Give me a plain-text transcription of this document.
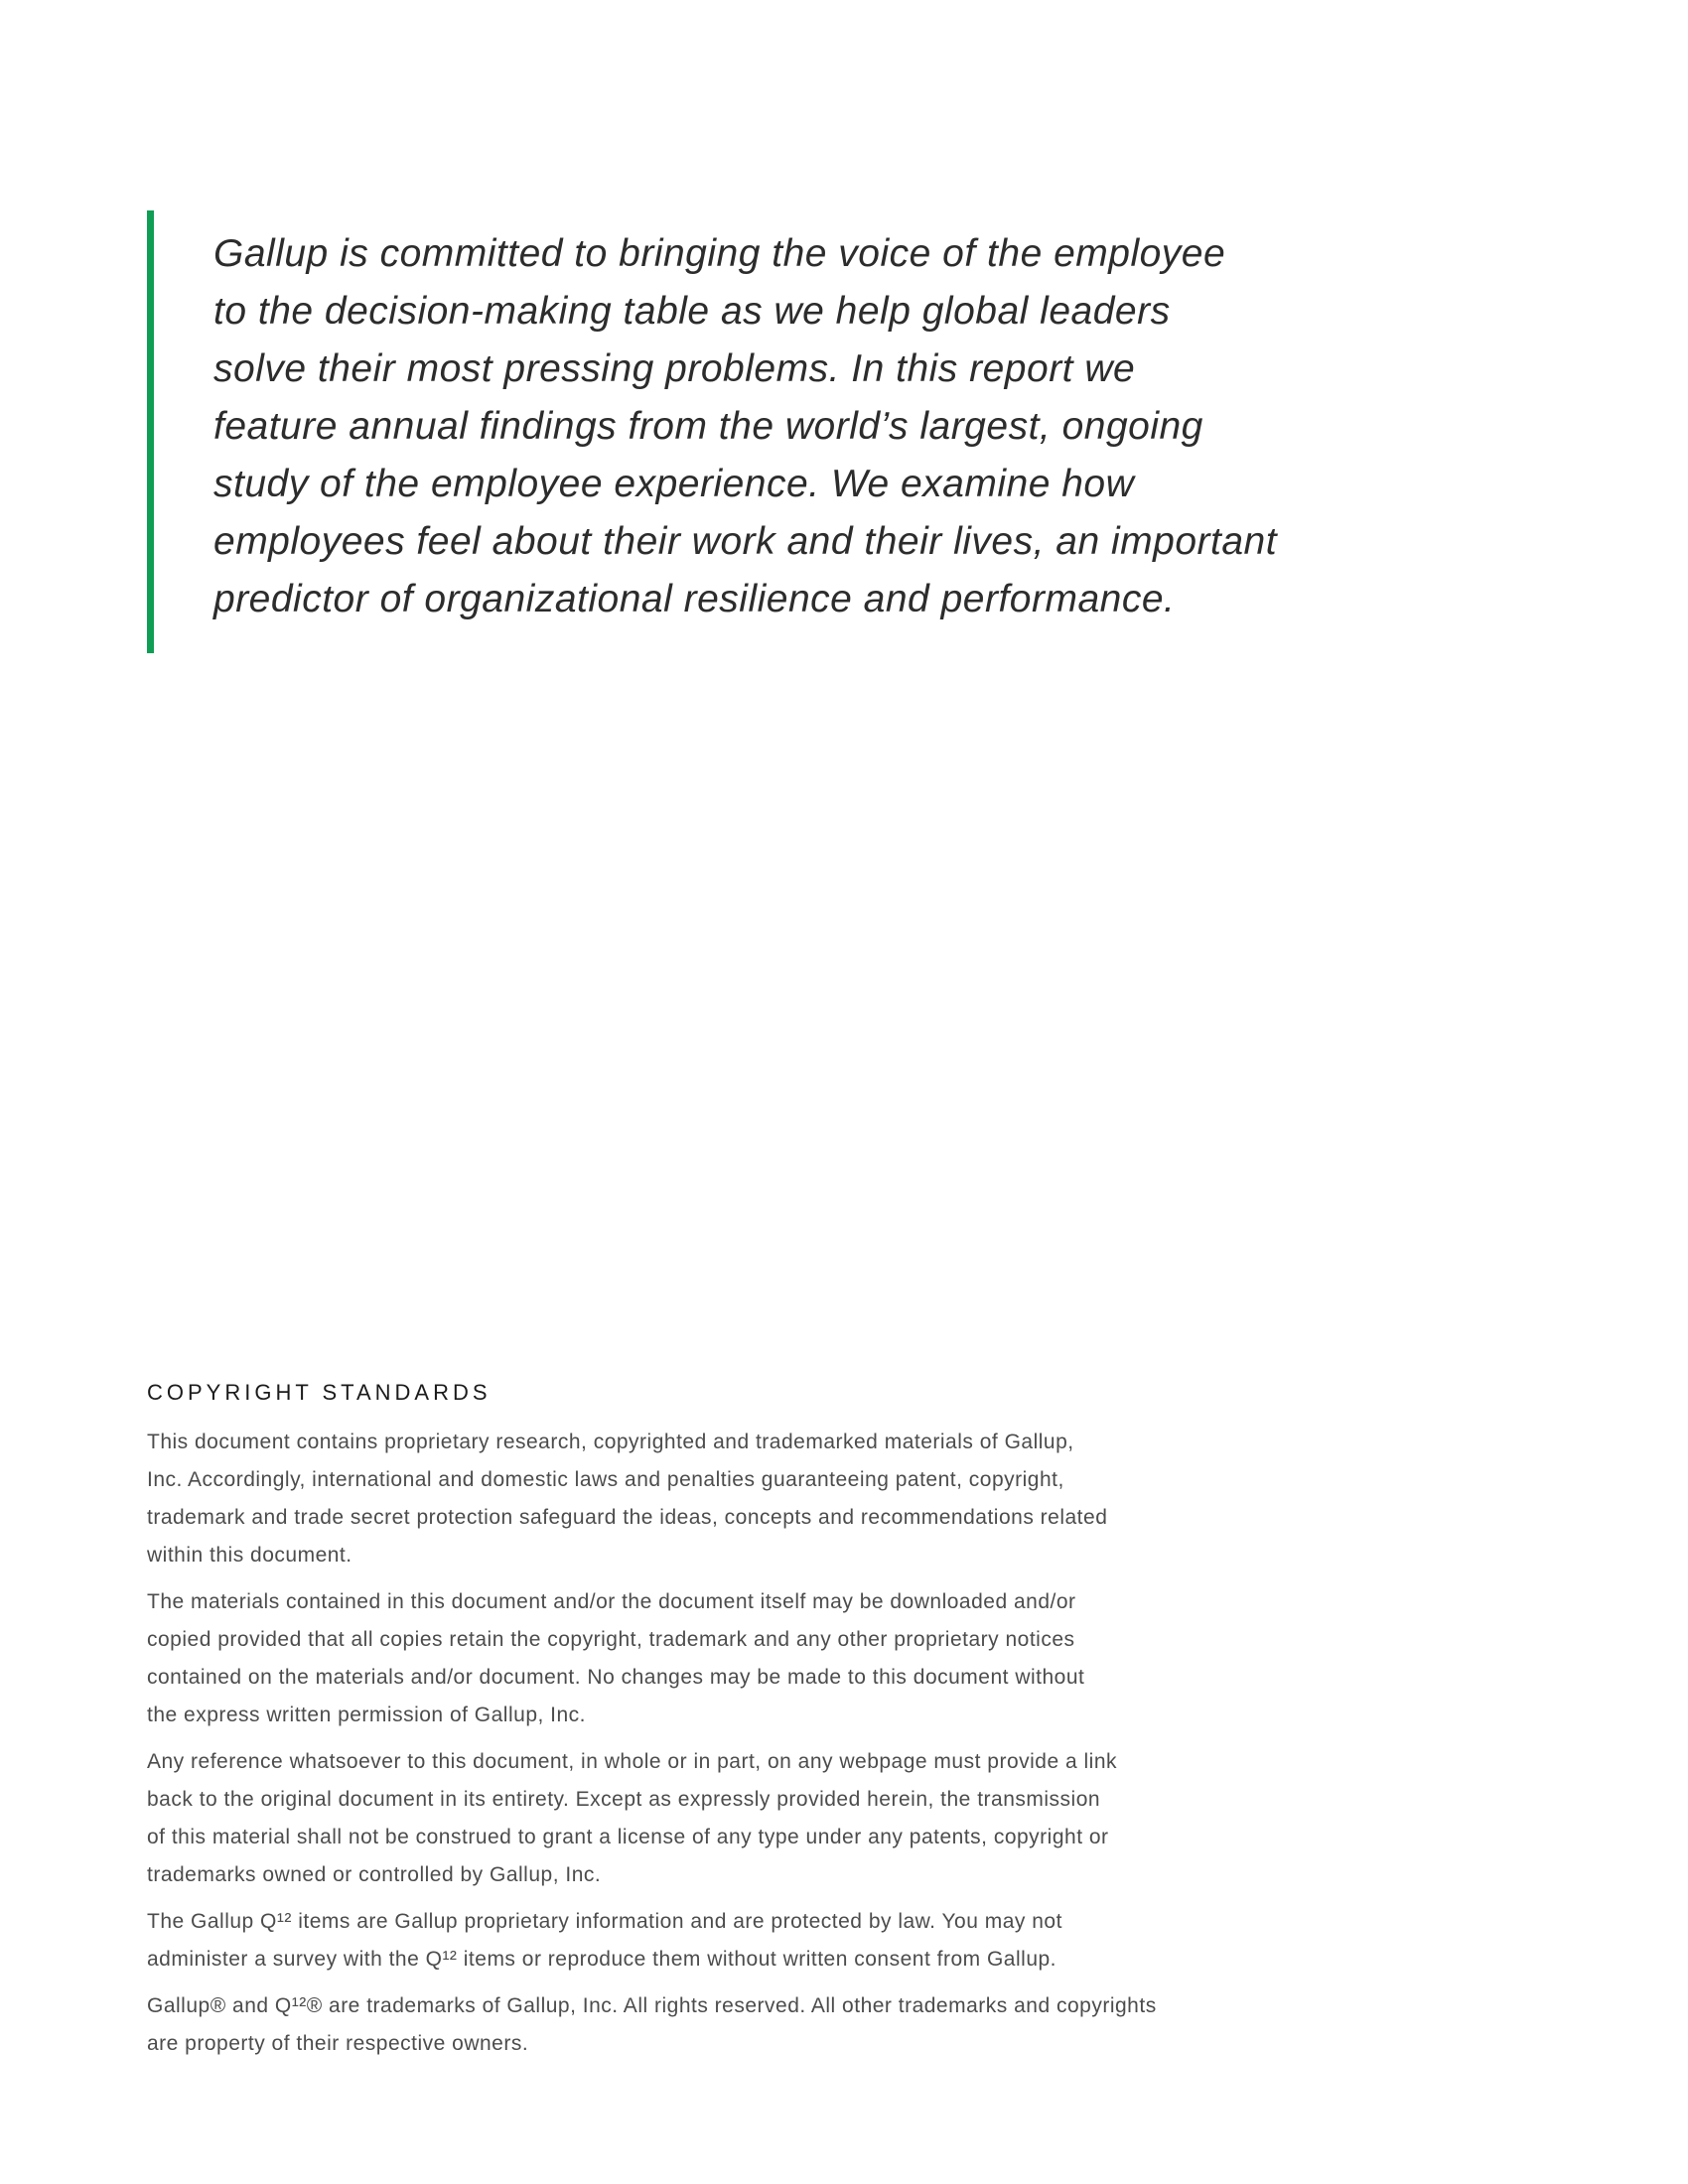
Gallup is committed to bringing the voice of the employee
to the decision-making table as we help global leaders
solve their most pressing problems. In this report we
feature annual findings from the world’s largest, ongoing
study of the employee experience. We examine how
employees feel about their work and their lives, an important
predictor of organizational resilience and performance.
COPYRIGHT STANDARDS

This document contains proprietary research, copyrighted and trademarked materials of Gallup,
Inc. Accordingly, international and domestic laws and penalties guaranteeing patent, copyright,
trademark and trade secret protection safeguard the ideas, concepts and recommendations related
within this document.

The materials contained in this document and/or the document itself may be downloaded and/or
copied provided that all copies retain the copyright, trademark and any other proprietary notices
contained on the materials and/or document. No changes may be made to this document without
the express written permission of Gallup, Inc.

Any reference whatsoever to this document, in whole or in part, on any webpage must provide a link
back to the original document in its entirety. Except as expressly provided herein, the transmission
of this material shall not be construed to grant a license of any type under any patents, copyright or
trademarks owned or controlled by Gallup, Inc.

The Gallup Q¹² items are Gallup proprietary information and are protected by law. You may not
administer a survey with the Q¹² items or reproduce them without written consent from Gallup.

Gallup® and Q¹²® are trademarks of Gallup, Inc. All rights reserved. All other trademarks and copyrights
are property of their respective owners.
